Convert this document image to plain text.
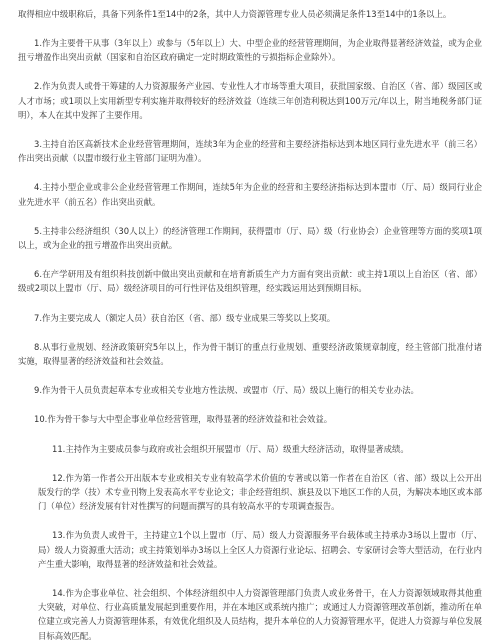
取得相应中级职称后，具备下列条件1至14中的2条，其中人力资源管理专业人员必须满足条件13至14中的1条以上。

1.作为主要骨干从事（3年以上）或参与（5年以上）大、中型企业的经营管理期间，为企业取得显著经济效益，或为企业扭亏增盈作出突出贡献（国家和自治区政府确定一定时期政策性的亏损指标企业除外）。

2.作为负责人或骨干筹建的人力资源服务产业园、专业性人才市场等重大项目，获批国家级、自治区（省、部）级园区或人才市场；或1项以上实用新型专利实施并取得较好的经济效益（连续三年创造利税达到100万元/年以上，附当地税务部门证明），本人在其中发挥了主要作用。

3.主持自治区高新技术企业经营管理期间，连续3年为企业的经营和主要经济指标达到本地区同行业先进水平（前三名）作出突出贡献（以盟市级行业主管部门证明为准）。

4.主持小型企业或非公企业经营管理工作期间，连续5年为企业的经营和主要经济指标达到本盟市（厅、局）级同行业企业先进水平（前五名）作出突出贡献。

5.主持非公经济组织（30人以上）的经济管理工作期间，获得盟市（厅、局）级（行业协会）企业管理等方面的奖项1项以上，或为企业的扭亏增盈作出突出贡献。

6.在产学研用及有组织科技创新中做出突出贡献和在培育新质生产力方面有突出贡献：或主持1项以上自治区（省、部）级或2项以上盟市（厅、局）级经济项目的可行性评估及组织管理，经实践运用达到预期目标。

7.作为主要完成人（额定人员）获自治区（省、部）级专业成果三等奖以上奖项。

8.从事行业规划、经济政策研究5年以上，作为骨干制订的重点行业规划、重要经济政策规章制度，经主管部门批准付诸实施，取得显著的经济效益和社会效益。

9.作为骨干人员负责起草本专业或相关专业地方性法规、或盟市（厅、局）级以上施行的相关专业办法。

10.作为骨干参与大中型企事业单位经营管理，取得显著的经济效益和社会效益。

11.主持作为主要成员参与政府或社会组织开展盟市（厅、局）级重大经济活动，取得显著成绩。

12.作为第一作者公开出版本专业或相关专业有较高学术价值的专著或以第一作者在自治区（省、部）级以上公开出版发行的学（技）术专业刊物上发表高水平专业论文；非企经营组织、旗县及以下地区工作的人员，为解决本地区或本部门（单位）经济发展有针对性撰写的问题而撰写的具有较高水平的专项调查报告。

13.作为负责人或骨干，主持建立1个以上盟市（厅、局）级人力资源服务平台载体或主持承办3场以上盟市（厅、局）级人力资源重大活动；或主持策划举办3场以上全区人力资源行业论坛、招聘会、专家研讨会等大型活动，在行业内产生重大影响，取得显著的经济效益和社会效益。

14.作为企事业单位、社会组织、个体经济组织中人力资源管理部门负责人或业务骨干，在人力资源领域取得其他重大突破，对单位、行业高质量发展起到重要作用，并在本地区或系统内推广；或通过人力资源管理改革创新，推动所在单位建立或完善人力资源管理体系，有效优化组织及人员结构，提升本单位的人力资源管理水平，促进人力资源与单位发展目标高效匹配。
